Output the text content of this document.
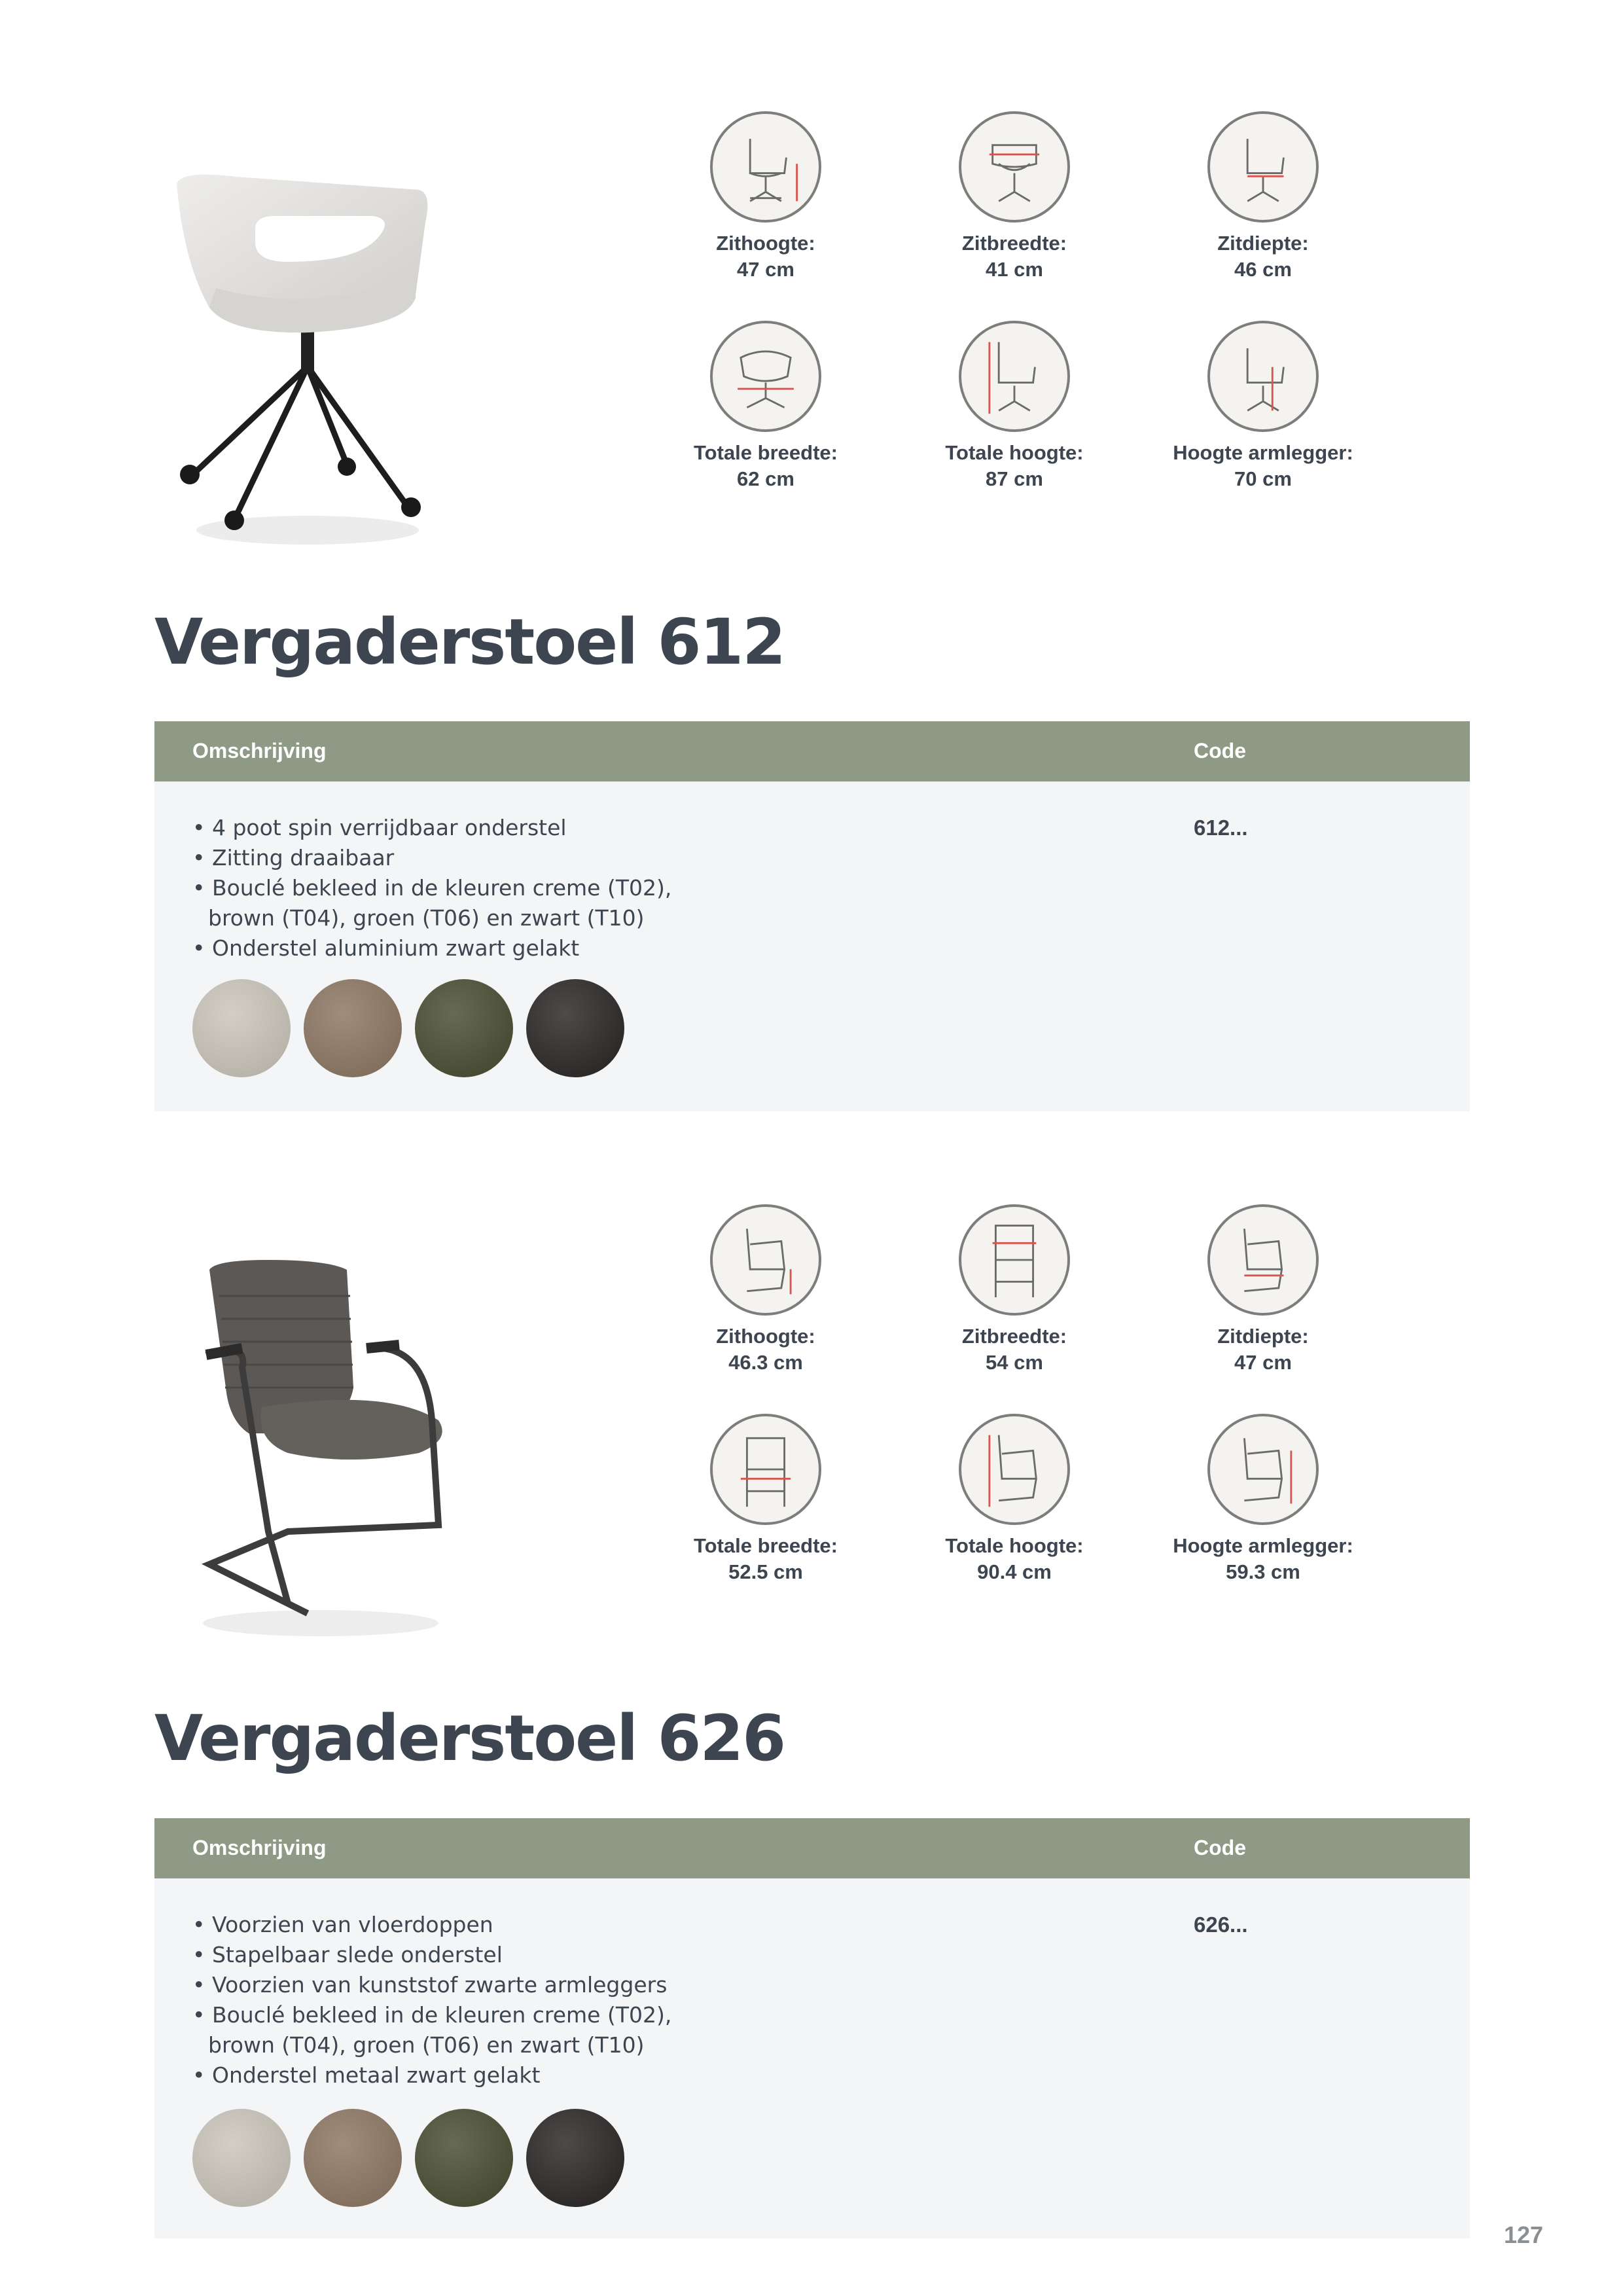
Zithoogte:
47 cm
Zitbreedte:
41 cm
Zitdiepte:
46 cm
Totale breedte:
62 cm
Totale hoogte:
87 cm
Hoogte armlegger:
70 cm
Vergaderstoel 612
Omschrijving	Code
• 4 poot spin verrijdbaar onderstel
• Zitting draaibaar
• Bouclé bekleed in de kleuren creme (T02), brown (T04), groen (T06) en zwart (T10)
• Onderstel aluminium zwart gelakt
612...
Zithoogte:
46.3 cm
Zitbreedte:
54 cm
Zitdiepte:
47 cm
Totale breedte:
52.5 cm
Totale hoogte:
90.4 cm
Hoogte armlegger:
59.3 cm
Vergaderstoel 626
Omschrijving	Code
• Voorzien van vloerdoppen
• Stapelbaar slede onderstel
• Voorzien van kunststof zwarte armleggers
• Bouclé bekleed in de kleuren creme (T02), brown (T04), groen (T06) en zwart (T10)
• Onderstel metaal zwart gelakt
626...
127
